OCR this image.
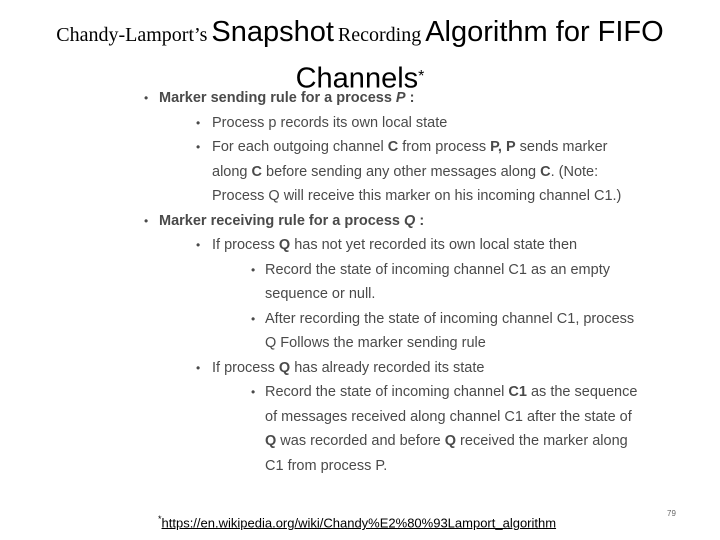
Chandy-Lamport’s Snapshot Recording Algorithm for FIFO
Channels*
• Marker sending rule for a process P :
• Process p records its own local state
• For each outgoing channel C from process P, P sends marker along C before sending any other messages along C. (Note: Process Q will receive this marker on his incoming channel C1.)
• Marker receiving rule for a process Q :
• If process Q has not yet recorded its own local state then
• Record the state of incoming channel C1 as an empty sequence or null.
• After recording the state of incoming channel C1, process Q Follows the marker sending rule
• If process Q has already recorded its state
• Record the state of incoming channel C1 as the sequence of messages received along channel C1 after the state of Q was recorded and before Q received the marker along C1 from process P.
*https://en.wikipedia.org/wiki/Chandy%E2%80%93Lamport_algorithm
79
